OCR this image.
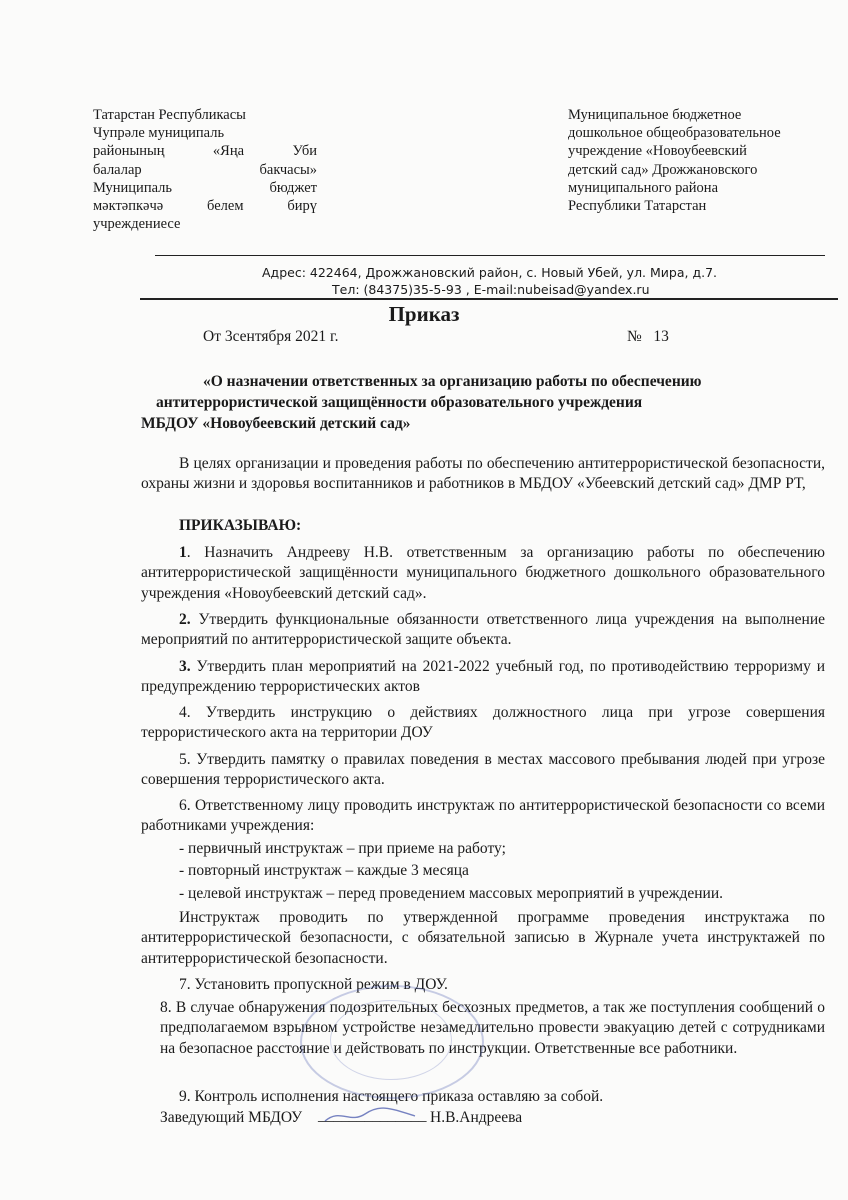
Татарстан Республикасы
Чупрәле муниципаль
районының «Яңа Уби
балалар бакчасы»
Муниципаль бюджет
мәктәпкәчә белем бирү
учреждениесе
Муниципальное бюджетное
дошкольное общеобразовательное
учреждение «Новоубеевский
детский сад» Дрожжановского
муниципального района
Республики Татарстан
Адрес: 422464, Дрожжановский район, с. Новый Убей, ул. Мира, д.7.
Тел: (84375)35-5-93 , E-mail:nubeisad@yandex.ru
Приказ
От 3сентября 2021 г.	№   13
«О назначении ответственных за организацию работы по обеспечению
антитеррористической защищённости образовательного учреждения
МБДОУ «Новоубеевский детский сад»
В целях организации и проведения работы по обеспечению антитеррористической безопасности, охраны жизни и здоровья воспитанников и работников в МБДОУ «Убеевский детский сад» ДМР РТ,
ПРИКАЗЫВАЮ:
1. Назначить Андрееву Н.В. ответственным за организацию работы по обеспечению антитеррористической защищённости муниципального бюджетного дошкольного образовательного учреждения «Новоубеевский детский сад».
2. Утвердить функциональные обязанности ответственного лица учреждения на выполнение мероприятий по антитеррористической защите объекта.
3. Утвердить план мероприятий на 2021-2022 учебный год, по противодействию терроризму и предупреждению террористических актов
4. Утвердить инструкцию о действиях должностного лица при угрозе совершения террористического акта на территории ДОУ
5. Утвердить памятку о правилах поведения в местах массового пребывания людей при угрозе совершения террористического акта.
6. Ответственному лицу проводить инструктаж по антитеррористической безопасности со всеми работниками учреждения:
- первичный инструктаж – при приеме на работу;
- повторный инструктаж – каждые 3 месяца
- целевой инструктаж – перед проведением массовых мероприятий в учреждении.
Инструктаж проводить по утвержденной программе проведения инструктажа по антитеррористической безопасности, с обязательной записью в Журнале учета инструктажей по антитеррористической безопасности.
7. Установить пропускной режим в ДОУ.
8. В случае обнаружения подозрительных бесхозных предметов, а так же поступления сообщений о предполагаемом взрывном устройстве незамедлительно провести эвакуацию детей с сотрудниками на безопасное расстояние и действовать по инструкции. Ответственные все работники.
9. Контроль исполнения настоящего приказа оставляю за собой.
Заведующий МБДОУ ______________ Н.В.Андреева
